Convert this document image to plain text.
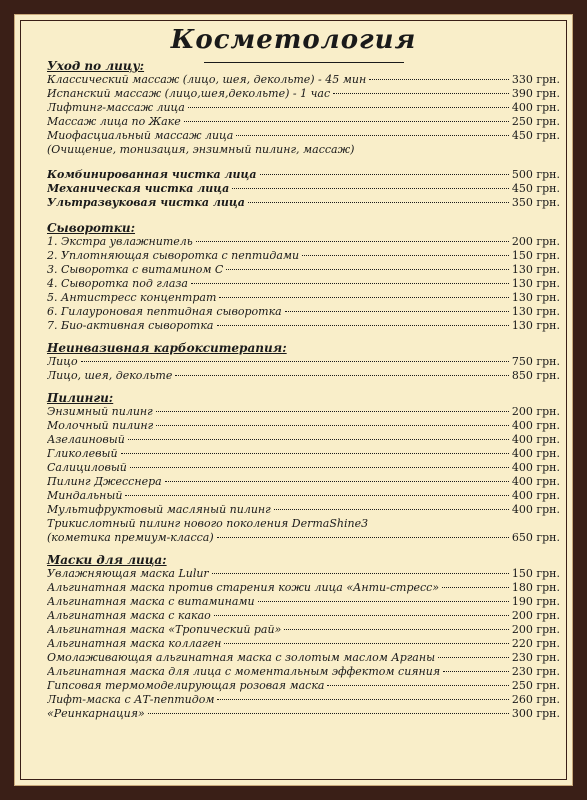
Косметология
Уход по лицу:
Классический массаж (лицо, шея, декольте) - 45 мин	330 грн.
Испанский массаж (лицо,шея,декольте) - 1 час	390 грн.
Лифтинг-массаж лица	400 грн.
Массаж лица по Жаке	250 грн.
Миофасциальный массаж лица	450 грн.
(Очищение, тонизация, энзимный пилинг, массаж)
Комбинированная чистка лица	500 грн.
Механическая чистка лица	450 грн.
Ультразвуковая чистка лица	350 грн.
Сыворотки:
1. Экстра увлажнитель	200 грн.
2. Уплотняющая сыворотка с пептидами	150 грн.
3. Сыворотка с витамином С	130 грн.
4. Сыворотка под глаза	130 грн.
5. Антистресс концентрат	130 грн.
6. Гилауроновая пептидная сыворотка	130 грн.
7. Био-активная сыворотка	130 грн.
Неинвазивная карбокситерапия:
Лицо	750 грн.
Лицо, шея, декольте	850 грн.
Пилинги:
Энзимный пилинг	200 грн.
Молочный пилинг	400 грн.
Азелаиновый	400 грн.
Гликолевый	400 грн.
Салициловый	400 грн.
Пилинг Джесснера	400 грн.
Миндальный	400 грн.
Мультифруктовый масляный пилинг	400 грн.
Трикислотный пилинг нового поколения DermaShine3
(кометика премиум-класса)	650 грн.
Маски для лица:
Увлажняющая маска Lulur	150 грн.
Альгинатная маска против старения кожи лица «Анти-стресс»	180 грн.
Альгинатная маска с витаминами	190 грн.
Альгинатная маска с какао	200 грн.
Альгинатная маска «Тропический рай»	200 грн.
Альгинатная маска коллаген	220 грн.
Омолаживающая альгинатная маска с золотым маслом Арганы	230 грн.
Альгинатная маска для лица с моментальным эффектом сияния	230 грн.
Гипсовая термомоделирующая розовая маска	250 грн.
Лифт-маска с АТ-пептидом	260 грн.
«Реинкарнация»	300 грн.
